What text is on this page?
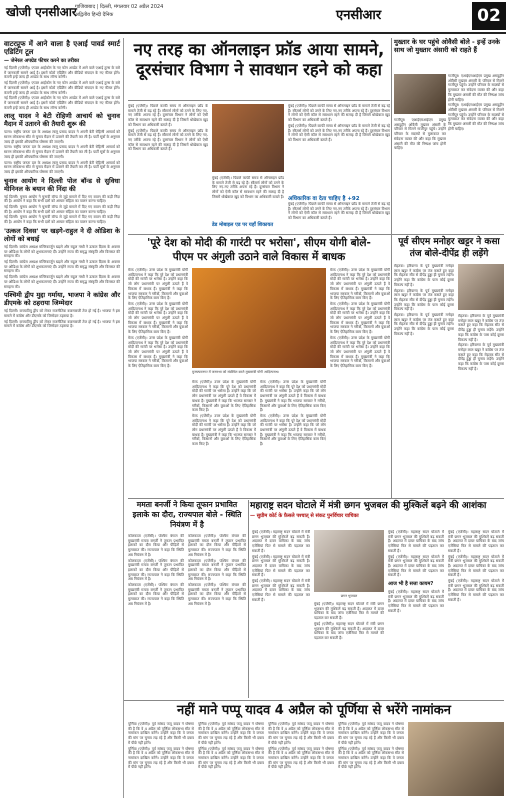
खोजी एनसीआर
गाजियाबाद | दिल्ली, मंगलवार 02 अप्रैल 2024
अद्वितीय हिन्दी दैनिक	एनसीआर	02
वाटरप्रूफ में आने वाला है एआई पावर्ड स्मार्ट एडिटिंग टूल
— जेनेरल अपग्रेड फीचर करने का तरीका

नई दिल्ली (एजेंसी)। एप्पल आईफोन के नए फोन अपडेट में आने वाले एआई टूल्स के बारे में जानकारी सामने आई है। इसमें फोटो एडिटिंग और वीडियो संपादन के नए फीचर होंगे। कंपनी इन्हें जल्द ही अपडेट के साथ लॉन्च करेगी।

नई दिल्ली (एजेंसी)। एप्पल आईफोन के नए फोन अपडेट में आने वाले एआई टूल्स के बारे में जानकारी सामने आई है। इसमें फोटो एडिटिंग और वीडियो संपादन के नए फीचर होंगे। कंपनी इन्हें जल्द ही अपडेट के साथ लॉन्च करेगी।

नई दिल्ली (एजेंसी)। एप्पल आईफोन के नए फोन अपडेट में आने वाले एआई टूल्स के बारे में जानकारी सामने आई है। इसमें फोटो एडिटिंग और वीडियो संपादन के नए फीचर होंगे। कंपनी इन्हें जल्द ही अपडेट के साथ लॉन्च करेगी।

लालू यादव ने बेटी रोहिणी आचार्य को चुनाव मैदान में उतारने की तैयारी शुरू की

पटना। राष्ट्रीय जनता दल के अध्यक्ष लालू प्रसाद यादव ने अपनी बेटी रोहिणी आचार्य को सारण लोकसभा सीट से चुनाव मैदान में उतारने की तैयारी कर ली है। पार्टी सूत्रों के अनुसार जल्द ही इसकी औपचारिक घोषणा की जाएगी।

पटना। राष्ट्रीय जनता दल के अध्यक्ष लालू प्रसाद यादव ने अपनी बेटी रोहिणी आचार्य को सारण लोकसभा सीट से चुनाव मैदान में उतारने की तैयारी कर ली है। पार्टी सूत्रों के अनुसार जल्द ही इसकी औपचारिक घोषणा की जाएगी।

पटना। राष्ट्रीय जनता दल के अध्यक्ष लालू प्रसाद यादव ने अपनी बेटी रोहिणी आचार्य को सारण लोकसभा सीट से चुनाव मैदान में उतारने की तैयारी कर ली है। पार्टी सूत्रों के अनुसार जल्द ही इसकी औपचारिक घोषणा की जाएगी।

चुनाव आयोग ने दिल्ली पोल बॉन्ड से सुविधा मीनिनल के बयान की निंदा की

नई दिल्ली। चुनाव आयोग ने चुनावी बॉन्ड से जुड़े मामले में दिए गए बयान की कड़ी निंदा की है। आयोग ने कहा कि सभी दलों को आचार संहिता का पालन करना चाहिए।

नई दिल्ली। चुनाव आयोग ने चुनावी बॉन्ड से जुड़े मामले में दिए गए बयान की कड़ी निंदा की है। आयोग ने कहा कि सभी दलों को आचार संहिता का पालन करना चाहिए।

नई दिल्ली। चुनाव आयोग ने चुनावी बॉन्ड से जुड़े मामले में दिए गए बयान की कड़ी निंदा की है। आयोग ने कहा कि सभी दलों को आचार संहिता का पालन करना चाहिए।

'उत्कल दिवस' पर खड़गे-राहुल ने दी ओडिशा के लोगों को बधाई

नई दिल्ली। कांग्रेस अध्यक्ष मल्लिकार्जुन खड़गे और राहुल गांधी ने उत्कल दिवस के अवसर पर ओडिशा के लोगों को शुभकामनाएं दीं। उन्होंने राज्य की समृद्ध संस्कृति और विरासत की सराहना की।

नई दिल्ली। कांग्रेस अध्यक्ष मल्लिकार्जुन खड़गे और राहुल गांधी ने उत्कल दिवस के अवसर पर ओडिशा के लोगों को शुभकामनाएं दीं। उन्होंने राज्य की समृद्ध संस्कृति और विरासत की सराहना की।

नई दिल्ली। कांग्रेस अध्यक्ष मल्लिकार्जुन खड़गे और राहुल गांधी ने उत्कल दिवस के अवसर पर ओडिशा के लोगों को शुभकामनाएं दीं। उन्होंने राज्य की समृद्ध संस्कृति और विरासत की सराहना की।

पश्चिमी द्वीप मुद्दा गर्माया, भाजपा ने कांग्रेस और डीएमके को ठहराया जिम्मेदार

नई दिल्ली। कच्चातिवु द्वीप को लेकर राजनीतिक बयानबाजी तेज हो गई है। भाजपा ने इस मामले में कांग्रेस और डीएमके को जिम्मेदार ठहराया है।

नई दिल्ली। कच्चातिवु द्वीप को लेकर राजनीतिक बयानबाजी तेज हो गई है। भाजपा ने इस मामले में कांग्रेस और डीएमके को जिम्मेदार ठहराया है।

नए तरह का ऑनलाइन फ्रॉड आया सामने,
दूरसंचार विभाग ने सावधान रहने को कहा

मुंबई (एजेंसी)। पिछले काफी समय से ऑनलाइन फ्रॉड के मामले तेजी से बढ़ रहे हैं। स्कैमर्स लोगों को ठगने के लिए नए-नए तरीके अपना रहे हैं। दूरसंचार विभाग ने लोगों को ऐसी कॉल से सावधान रहने की सलाह दी है जिसमें धोखेबाज खुद को विभाग का अधिकारी बताते हैं।

मुंबई (एजेंसी)। पिछले काफी समय से ऑनलाइन फ्रॉड के मामले तेजी से बढ़ रहे हैं। स्कैमर्स लोगों को ठगने के लिए नए-नए तरीके अपना रहे हैं। दूरसंचार विभाग ने लोगों को ऐसी कॉल से सावधान रहने की सलाह दी है जिसमें धोखेबाज खुद को विभाग का अधिकारी बताते हैं।

मुंबई (एजेंसी)। पिछले काफी समय से ऑनलाइन फ्रॉड के मामले तेजी से बढ़ रहे हैं। स्कैमर्स लोगों को ठगने के लिए नए-नए तरीके अपना रहे हैं। दूरसंचार विभाग ने लोगों को ऐसी कॉल से सावधान रहने की सलाह दी है जिसमें धोखेबाज खुद को विभाग का अधिकारी बताते हैं।

मुंबई (एजेंसी)। पिछले काफी समय से ऑनलाइन फ्रॉड के मामले तेजी से बढ़ रहे हैं। स्कैमर्स लोगों को ठगने के लिए नए-नए तरीके अपना रहे हैं। दूरसंचार विभाग ने लोगों को ऐसी कॉल से सावधान रहने की सलाह दी है जिसमें धोखेबाज खुद को विभाग का अधिकारी बताते हैं।

मुंबई (एजेंसी)। पिछले काफी समय से ऑनलाइन फ्रॉड के मामले तेजी से बढ़ रहे हैं। स्कैमर्स लोगों को ठगने के लिए नए-नए तरीके अपना रहे हैं। दूरसंचार विभाग ने लोगों को ऐसी कॉल से सावधान रहने की सलाह दी है जिसमें धोखेबाज खुद को विभाग का अधिकारी बताते हैं।

अधिकारिक वा देता चाहिए है +92

मुंबई (एजेंसी)। पिछले काफी समय से ऑनलाइन फ्रॉड के मामले तेजी से बढ़ रहे हैं। स्कैमर्स लोगों को ठगने के लिए नए-नए तरीके अपना रहे हैं। दूरसंचार विभाग ने लोगों को ऐसी कॉल से सावधान रहने की सलाह दी है जिसमें धोखेबाज खुद को विभाग का अधिकारी बताते हैं।

डेड मोबाइल एड पर यहाँ शिकायत
मुख्तार के घर पहुंचे ओवैसी बोले - इन्हें उनके साथ जो मुख्तार अंसारी को राहते हैं

गाजीपुर। एआईएमआईएम प्रमुख असदुद्दीन ओवैसी मुख्तार अंसारी के परिवार से मिलने गाजीपुर पहुंचे। उन्होंने परिवार के सदस्यों से मुलाकात कर संवेदना व्यक्त की और कहा कि मुख्तार अंसारी की मौत की निष्पक्ष जांच होनी चाहिए।

गाजीपुर। एआईएमआईएम प्रमुख असदुद्दीन ओवैसी मुख्तार अंसारी के परिवार से मिलने गाजीपुर पहुंचे। उन्होंने परिवार के सदस्यों से मुलाकात कर संवेदना व्यक्त की और कहा कि मुख्तार अंसारी की मौत की निष्पक्ष जांच होनी चाहिए।

गाजीपुर। एआईएमआईएम प्रमुख असदुद्दीन ओवैसी मुख्तार अंसारी के परिवार से मिलने गाजीपुर पहुंचे। उन्होंने परिवार के सदस्यों से मुलाकात कर संवेदना व्यक्त की और कहा कि मुख्तार अंसारी की मौत की निष्पक्ष जांच होनी चाहिए।

'पूरे देश को मोदी की गारंटी पर भरोसा', सीएम योगी बोले-
पीएम पर अंगुली उठाने वाले विकास में बाधक

मेरठ (एजेंसी)। उत्तर प्रदेश के मुख्यमंत्री योगी आदित्यनाथ ने कहा कि पूरे देश को प्रधानमंत्री मोदी की गारंटी पर भरोसा है। उन्होंने कहा कि जो लोग प्रधानमंत्री पर अंगुली उठाते हैं वे विकास में बाधक हैं। मुख्यमंत्री ने कहा कि भाजपा सरकार ने गरीबों, किसानों और युवाओं के लिए ऐतिहासिक काम किए हैं।

मेरठ (एजेंसी)। उत्तर प्रदेश के मुख्यमंत्री योगी आदित्यनाथ ने कहा कि पूरे देश को प्रधानमंत्री मोदी की गारंटी पर भरोसा है। उन्होंने कहा कि जो लोग प्रधानमंत्री पर अंगुली उठाते हैं वे विकास में बाधक हैं। मुख्यमंत्री ने कहा कि भाजपा सरकार ने गरीबों, किसानों और युवाओं के लिए ऐतिहासिक काम किए हैं।

मेरठ (एजेंसी)। उत्तर प्रदेश के मुख्यमंत्री योगी आदित्यनाथ ने कहा कि पूरे देश को प्रधानमंत्री मोदी की गारंटी पर भरोसा है। उन्होंने कहा कि जो लोग प्रधानमंत्री पर अंगुली उठाते हैं वे विकास में बाधक हैं। मुख्यमंत्री ने कहा कि भाजपा सरकार ने गरीबों, किसानों और युवाओं के लिए ऐतिहासिक काम किए हैं।

मुजफ्फरनगर में जनसभा को संबोधित करते मुख्यमंत्री योगी आदित्यनाथ।

मेरठ (एजेंसी)। उत्तर प्रदेश के मुख्यमंत्री योगी आदित्यनाथ ने कहा कि पूरे देश को प्रधानमंत्री मोदी की गारंटी पर भरोसा है। उन्होंने कहा कि जो लोग प्रधानमंत्री पर अंगुली उठाते हैं वे विकास में बाधक हैं। मुख्यमंत्री ने कहा कि भाजपा सरकार ने गरीबों, किसानों और युवाओं के लिए ऐतिहासिक काम किए हैं।

मेरठ (एजेंसी)। उत्तर प्रदेश के मुख्यमंत्री योगी आदित्यनाथ ने कहा कि पूरे देश को प्रधानमंत्री मोदी की गारंटी पर भरोसा है। उन्होंने कहा कि जो लोग प्रधानमंत्री पर अंगुली उठाते हैं वे विकास में बाधक हैं। मुख्यमंत्री ने कहा कि भाजपा सरकार ने गरीबों, किसानों और युवाओं के लिए ऐतिहासिक काम किए हैं।

मेरठ (एजेंसी)। उत्तर प्रदेश के मुख्यमंत्री योगी आदित्यनाथ ने कहा कि पूरे देश को प्रधानमंत्री मोदी की गारंटी पर भरोसा है। उन्होंने कहा कि जो लोग प्रधानमंत्री पर अंगुली उठाते हैं वे विकास में बाधक हैं। मुख्यमंत्री ने कहा कि भाजपा सरकार ने गरीबों, किसानों और युवाओं के लिए ऐतिहासिक काम किए हैं।

मेरठ (एजेंसी)। उत्तर प्रदेश के मुख्यमंत्री योगी आदित्यनाथ ने कहा कि पूरे देश को प्रधानमंत्री मोदी की गारंटी पर भरोसा है। उन्होंने कहा कि जो लोग प्रधानमंत्री पर अंगुली उठाते हैं वे विकास में बाधक हैं। मुख्यमंत्री ने कहा कि भाजपा सरकार ने गरीबों, किसानों और युवाओं के लिए ऐतिहासिक काम किए हैं।

मेरठ (एजेंसी)। उत्तर प्रदेश के मुख्यमंत्री योगी आदित्यनाथ ने कहा कि पूरे देश को प्रधानमंत्री मोदी की गारंटी पर भरोसा है। उन्होंने कहा कि जो लोग प्रधानमंत्री पर अंगुली उठाते हैं वे विकास में बाधक हैं। मुख्यमंत्री ने कहा कि भाजपा सरकार ने गरीबों, किसानों और युवाओं के लिए ऐतिहासिक काम किए हैं।

मेरठ (एजेंसी)। उत्तर प्रदेश के मुख्यमंत्री योगी आदित्यनाथ ने कहा कि पूरे देश को प्रधानमंत्री मोदी की गारंटी पर भरोसा है। उन्होंने कहा कि जो लोग प्रधानमंत्री पर अंगुली उठाते हैं वे विकास में बाधक हैं। मुख्यमंत्री ने कहा कि भाजपा सरकार ने गरीबों, किसानों और युवाओं के लिए ऐतिहासिक काम किए हैं।

मेरठ (एजेंसी)। उत्तर प्रदेश के मुख्यमंत्री योगी आदित्यनाथ ने कहा कि पूरे देश को प्रधानमंत्री मोदी की गारंटी पर भरोसा है। उन्होंने कहा कि जो लोग प्रधानमंत्री पर अंगुली उठाते हैं वे विकास में बाधक हैं। मुख्यमंत्री ने कहा कि भाजपा सरकार ने गरीबों, किसानों और युवाओं के लिए ऐतिहासिक काम किए हैं।

पूर्व सीएम मनोहर खट्टर ने कसा तंज बोले-दीपेंद्र ही लड़ेंगे

रोहतक। हरियाणा के पूर्व मुख्यमंत्री मनोहर लाल खट्टर ने कांग्रेस पर तंज कसते हुए कहा कि रोहतक सीट से दीपेंद्र हुड्डा ही चुनाव लड़ेंगे। उन्होंने कहा कि कांग्रेस के पास कोई दूसरा विकल्प नहीं है।

रोहतक। हरियाणा के पूर्व मुख्यमंत्री मनोहर लाल खट्टर ने कांग्रेस पर तंज कसते हुए कहा कि रोहतक सीट से दीपेंद्र हुड्डा ही चुनाव लड़ेंगे। उन्होंने कहा कि कांग्रेस के पास कोई दूसरा विकल्प नहीं है।

रोहतक। हरियाणा के पूर्व मुख्यमंत्री मनोहर लाल खट्टर ने कांग्रेस पर तंज कसते हुए कहा कि रोहतक सीट से दीपेंद्र हुड्डा ही चुनाव लड़ेंगे। उन्होंने कहा कि कांग्रेस के पास कोई दूसरा विकल्प नहीं है।

रोहतक। हरियाणा के पूर्व मुख्यमंत्री मनोहर लाल खट्टर ने कांग्रेस पर तंज कसते हुए कहा कि रोहतक सीट से दीपेंद्र हुड्डा ही चुनाव लड़ेंगे। उन्होंने कहा कि कांग्रेस के पास कोई दूसरा विकल्प नहीं है।

रोहतक। हरियाणा के पूर्व मुख्यमंत्री मनोहर लाल खट्टर ने कांग्रेस पर तंज कसते हुए कहा कि रोहतक सीट से दीपेंद्र हुड्डा ही चुनाव लड़ेंगे। उन्होंने कहा कि कांग्रेस के पास कोई दूसरा विकल्प नहीं है।

ममता बनर्जी ने किया तूफान प्रभावित इलाके का दौरा, राज्यपाल बोले - स्थिति नियंत्रण में है

कोलकाता (एजेंसी)। पश्चिम बंगाल की मुख्यमंत्री ममता बनर्जी ने तूफान प्रभावित इलाकों का दौरा किया और पीड़ितों से मुलाकात की। राज्यपाल ने कहा कि स्थिति अब नियंत्रण में है।

कोलकाता (एजेंसी)। पश्चिम बंगाल की मुख्यमंत्री ममता बनर्जी ने तूफान प्रभावित इलाकों का दौरा किया और पीड़ितों से मुलाकात की। राज्यपाल ने कहा कि स्थिति अब नियंत्रण में है।

कोलकाता (एजेंसी)। पश्चिम बंगाल की मुख्यमंत्री ममता बनर्जी ने तूफान प्रभावित इलाकों का दौरा किया और पीड़ितों से मुलाकात की। राज्यपाल ने कहा कि स्थिति अब नियंत्रण में है।

कोलकाता (एजेंसी)। पश्चिम बंगाल की मुख्यमंत्री ममता बनर्जी ने तूफान प्रभावित इलाकों का दौरा किया और पीड़ितों से मुलाकात की। राज्यपाल ने कहा कि स्थिति अब नियंत्रण में है।

कोलकाता (एजेंसी)। पश्चिम बंगाल की मुख्यमंत्री ममता बनर्जी ने तूफान प्रभावित इलाकों का दौरा किया और पीड़ितों से मुलाकात की। राज्यपाल ने कहा कि स्थिति अब नियंत्रण में है।

कोलकाता (एजेंसी)। पश्चिम बंगाल की मुख्यमंत्री ममता बनर्जी ने तूफान प्रभावित इलाकों का दौरा किया और पीड़ितों से मुलाकात की। राज्यपाल ने कहा कि स्थिति अब नियंत्रण में है।

महाराष्ट्र सदन घोटाले में मंत्री छगन भुजबल की मुश्किलें बढ़ने की आशंका
— सुप्रीम कोर्ट के फ़ैसले पश्चात् से संकट पुनर्विचार याचिका

मुंबई (एजेंसी)। महाराष्ट्र सदन घोटाले में मंत्री छगन भुजबल की मुश्किलें बढ़ सकती हैं। अदालत में दायर याचिका के बाद जांच एजेंसियां फिर से मामले की पड़ताल कर सकती हैं।

मुंबई (एजेंसी)। महाराष्ट्र सदन घोटाले में मंत्री छगन भुजबल की मुश्किलें बढ़ सकती हैं। अदालत में दायर याचिका के बाद जांच एजेंसियां फिर से मामले की पड़ताल कर सकती हैं।

मुंबई (एजेंसी)। महाराष्ट्र सदन घोटाले में मंत्री छगन भुजबल की मुश्किलें बढ़ सकती हैं। अदालत में दायर याचिका के बाद जांच एजेंसियां फिर से मामले की पड़ताल कर सकती हैं।

छगन भुजबल

मुंबई (एजेंसी)। महाराष्ट्र सदन घोटाले में मंत्री छगन भुजबल की मुश्किलें बढ़ सकती हैं। अदालत में दायर याचिका के बाद जांच एजेंसियां फिर से मामले की पड़ताल कर सकती हैं।

मुंबई (एजेंसी)। महाराष्ट्र सदन घोटाले में मंत्री छगन भुजबल की मुश्किलें बढ़ सकती हैं। अदालत में दायर याचिका के बाद जांच एजेंसियां फिर से मामले की पड़ताल कर सकती हैं।

मुंबई (एजेंसी)। महाराष्ट्र सदन घोटाले में मंत्री छगन भुजबल की मुश्किलें बढ़ सकती हैं। अदालत में दायर याचिका के बाद जांच एजेंसियां फिर से मामले की पड़ताल कर सकती हैं।

मुंबई (एजेंसी)। महाराष्ट्र सदन घोटाले में मंत्री छगन भुजबल की मुश्किलें बढ़ सकती हैं। अदालत में दायर याचिका के बाद जांच एजेंसियां फिर से मामले की पड़ताल कर सकती हैं।

आज भी है सत्ता कायम?

मुंबई (एजेंसी)। महाराष्ट्र सदन घोटाले में मंत्री छगन भुजबल की मुश्किलें बढ़ सकती हैं। अदालत में दायर याचिका के बाद जांच एजेंसियां फिर से मामले की पड़ताल कर सकती हैं।

मुंबई (एजेंसी)। महाराष्ट्र सदन घोटाले में मंत्री छगन भुजबल की मुश्किलें बढ़ सकती हैं। अदालत में दायर याचिका के बाद जांच एजेंसियां फिर से मामले की पड़ताल कर सकती हैं।

मुंबई (एजेंसी)। महाराष्ट्र सदन घोटाले में मंत्री छगन भुजबल की मुश्किलें बढ़ सकती हैं। अदालत में दायर याचिका के बाद जांच एजेंसियां फिर से मामले की पड़ताल कर सकती हैं।

मुंबई (एजेंसी)। महाराष्ट्र सदन घोटाले में मंत्री छगन भुजबल की मुश्किलें बढ़ सकती हैं। अदालत में दायर याचिका के बाद जांच एजेंसियां फिर से मामले की पड़ताल कर सकती हैं।

नहीं माने पप्पू यादव 4 अप्रैल को पूर्णिया से भरेंगे नामांकन

पूर्णिया (एजेंसी)। पूर्व सांसद पप्पू यादव ने घोषणा की है कि वे 4 अप्रैल को पूर्णिया लोकसभा सीट से नामांकन दाखिल करेंगे। उन्होंने कहा कि वे जनता की मांग पर चुनाव लड़ रहे हैं और किसी भी दबाव में पीछे नहीं हटेंगे।

पूर्णिया (एजेंसी)। पूर्व सांसद पप्पू यादव ने घोषणा की है कि वे 4 अप्रैल को पूर्णिया लोकसभा सीट से नामांकन दाखिल करेंगे। उन्होंने कहा कि वे जनता की मांग पर चुनाव लड़ रहे हैं और किसी भी दबाव में पीछे नहीं हटेंगे।

पूर्णिया (एजेंसी)। पूर्व सांसद पप्पू यादव ने घोषणा की है कि वे 4 अप्रैल को पूर्णिया लोकसभा सीट से नामांकन दाखिल करेंगे। उन्होंने कहा कि वे जनता की मांग पर चुनाव लड़ रहे हैं और किसी भी दबाव में पीछे नहीं हटेंगे।

पूर्णिया (एजेंसी)। पूर्व सांसद पप्पू यादव ने घोषणा की है कि वे 4 अप्रैल को पूर्णिया लोकसभा सीट से नामांकन दाखिल करेंगे। उन्होंने कहा कि वे जनता की मांग पर चुनाव लड़ रहे हैं और किसी भी दबाव में पीछे नहीं हटेंगे।

पूर्णिया (एजेंसी)। पूर्व सांसद पप्पू यादव ने घोषणा की है कि वे 4 अप्रैल को पूर्णिया लोकसभा सीट से नामांकन दाखिल करेंगे। उन्होंने कहा कि वे जनता की मांग पर चुनाव लड़ रहे हैं और किसी भी दबाव में पीछे नहीं हटेंगे।

पूर्णिया (एजेंसी)। पूर्व सांसद पप्पू यादव ने घोषणा की है कि वे 4 अप्रैल को पूर्णिया लोकसभा सीट से नामांकन दाखिल करेंगे। उन्होंने कहा कि वे जनता की मांग पर चुनाव लड़ रहे हैं और किसी भी दबाव में पीछे नहीं हटेंगे।

पूर्णिया (एजेंसी)। पूर्व सांसद पप्पू यादव ने घोषणा की है कि वे 4 अप्रैल को पूर्णिया लोकसभा सीट से नामांकन दाखिल करेंगे। उन्होंने कहा कि वे जनता की मांग पर चुनाव लड़ रहे हैं और किसी भी दबाव में पीछे नहीं हटेंगे।

पूर्णिया (एजेंसी)। पूर्व सांसद पप्पू यादव ने घोषणा की है कि वे 4 अप्रैल को पूर्णिया लोकसभा सीट से नामांकन दाखिल करेंगे। उन्होंने कहा कि वे जनता की मांग पर चुनाव लड़ रहे हैं और किसी भी दबाव में पीछे नहीं हटेंगे।
